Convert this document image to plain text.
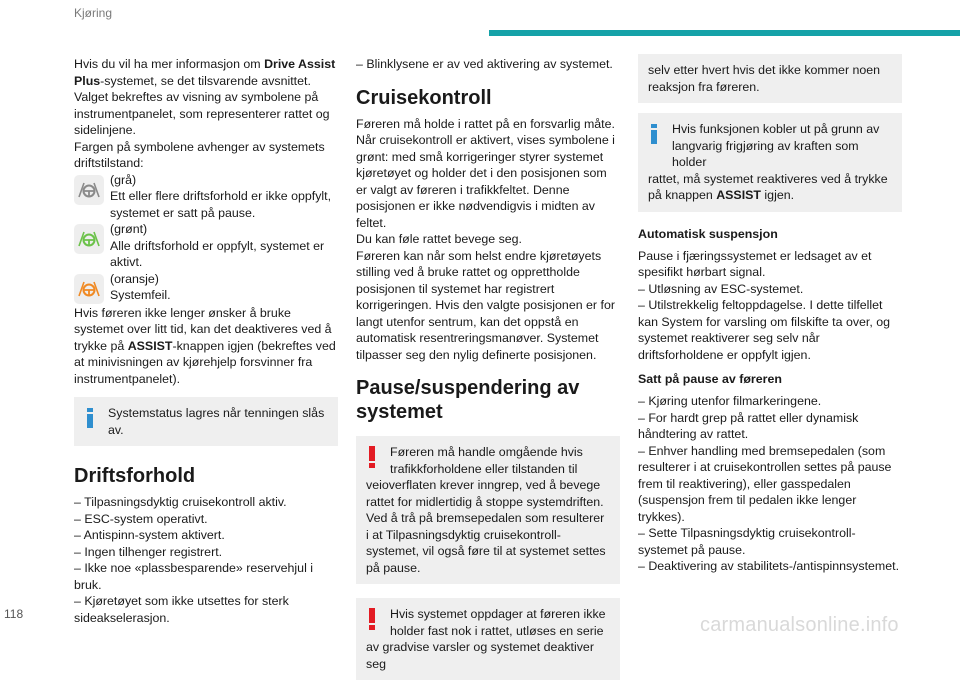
Kjøring

Hvis du vil ha mer informasjon om Drive Assist Plus-systemet, se det tilsvarende avsnittet.

Valget bekreftes av visning av symbolene på instrumentpanelet, som representerer rattet og sidelinjene.

Fargen på symbolene avhenger av systemets driftstilstand:

(grå)
Ett eller flere driftsforhold er ikke oppfylt, systemet er satt på pause.
(grønt)
Alle driftsforhold er oppfylt, systemet er aktivt.
(oransje)
Systemfeil.

Hvis føreren ikke lenger ønsker å bruke systemet over litt tid, kan det deaktiveres ved å trykke på ASSIST-knappen igjen (bekreftes ved at minivisningen av kjørehjelp forsvinner fra instrumentpanelet).

Systemstatus lagres når tenningen slås av.

Driftsforhold

– Tilpasningsdyktig cruisekontroll aktiv.

– ESC-system operativt.

– Antispinn-system aktivert.

– Ingen tilhenger registrert.

– Ikke noe «plassbesparende» reservehjul i bruk.

– Kjøretøyet som ikke utsettes for sterk sideakselerasjon.

– Blinklysene er av ved aktivering av systemet.

Cruisekontroll

Føreren må holde i rattet på en forsvarlig måte.

Når cruisekontroll er aktivert, vises symbolene i grønt: med små korrigeringer styrer systemet kjøretøyet og holder det i den posisjonen som er valgt av føreren i trafikkfeltet. Denne posisjonen er ikke nødvendigvis i midten av feltet.

Du kan føle rattet bevege seg.

Føreren kan når som helst endre kjøretøyets stilling ved å bruke rattet og opprettholde posisjonen til systemet har registrert korrigeringen. Hvis den valgte posisjonen er for langt utenfor sentrum, kan det oppstå en automatisk resentreringsmanøver. Systemet tilpasser seg den nylig definerte posisjonen.

Pause/suspendering av systemet

Føreren må handle omgående hvis trafikkforholdene eller tilstanden til

veioverflaten krever inngrep, ved å bevege rattet for midlertidig å stoppe systemdriften. Ved å trå på bremsepedalen som resulterer i at Tilpasningsdyktig cruisekontroll-systemet, vil også føre til at systemet settes på pause.

Hvis systemet oppdager at føreren ikke holder fast nok i rattet, utløses en serie

av gradvise varsler og systemet deaktiver seg

selv etter hvert hvis det ikke kommer noen reaksjon fra føreren.

Hvis funksjonen kobler ut på grunn av langvarig frigjøring av kraften som holder

rattet, må systemet reaktiveres ved å trykke på knappen ASSIST igjen.

Automatisk suspensjon

Pause i fjæringssystemet er ledsaget av et spesifikt hørbart signal.

– Utløsning av ESC-systemet.

– Utilstrekkelig feltoppdagelse. I dette tilfellet kan System for varsling om filskifte ta over, og systemet reaktiverer seg selv når driftsforholdene er oppfylt igjen.

Satt på pause av føreren

– Kjøring utenfor filmarkeringene.

– For hardt grep på rattet eller dynamisk håndtering av rattet.

– Enhver handling med bremsepedalen (som resulterer i at cruisekontrollen settes på pause frem til reaktivering), eller gasspedalen (suspensjon frem til pedalen ikke lenger trykkes).

– Sette Tilpasningsdyktig cruisekontroll-systemet på pause.

– Deaktivering av stabilitets-/antispinnsystemet.

118	carmanualsonline.info
